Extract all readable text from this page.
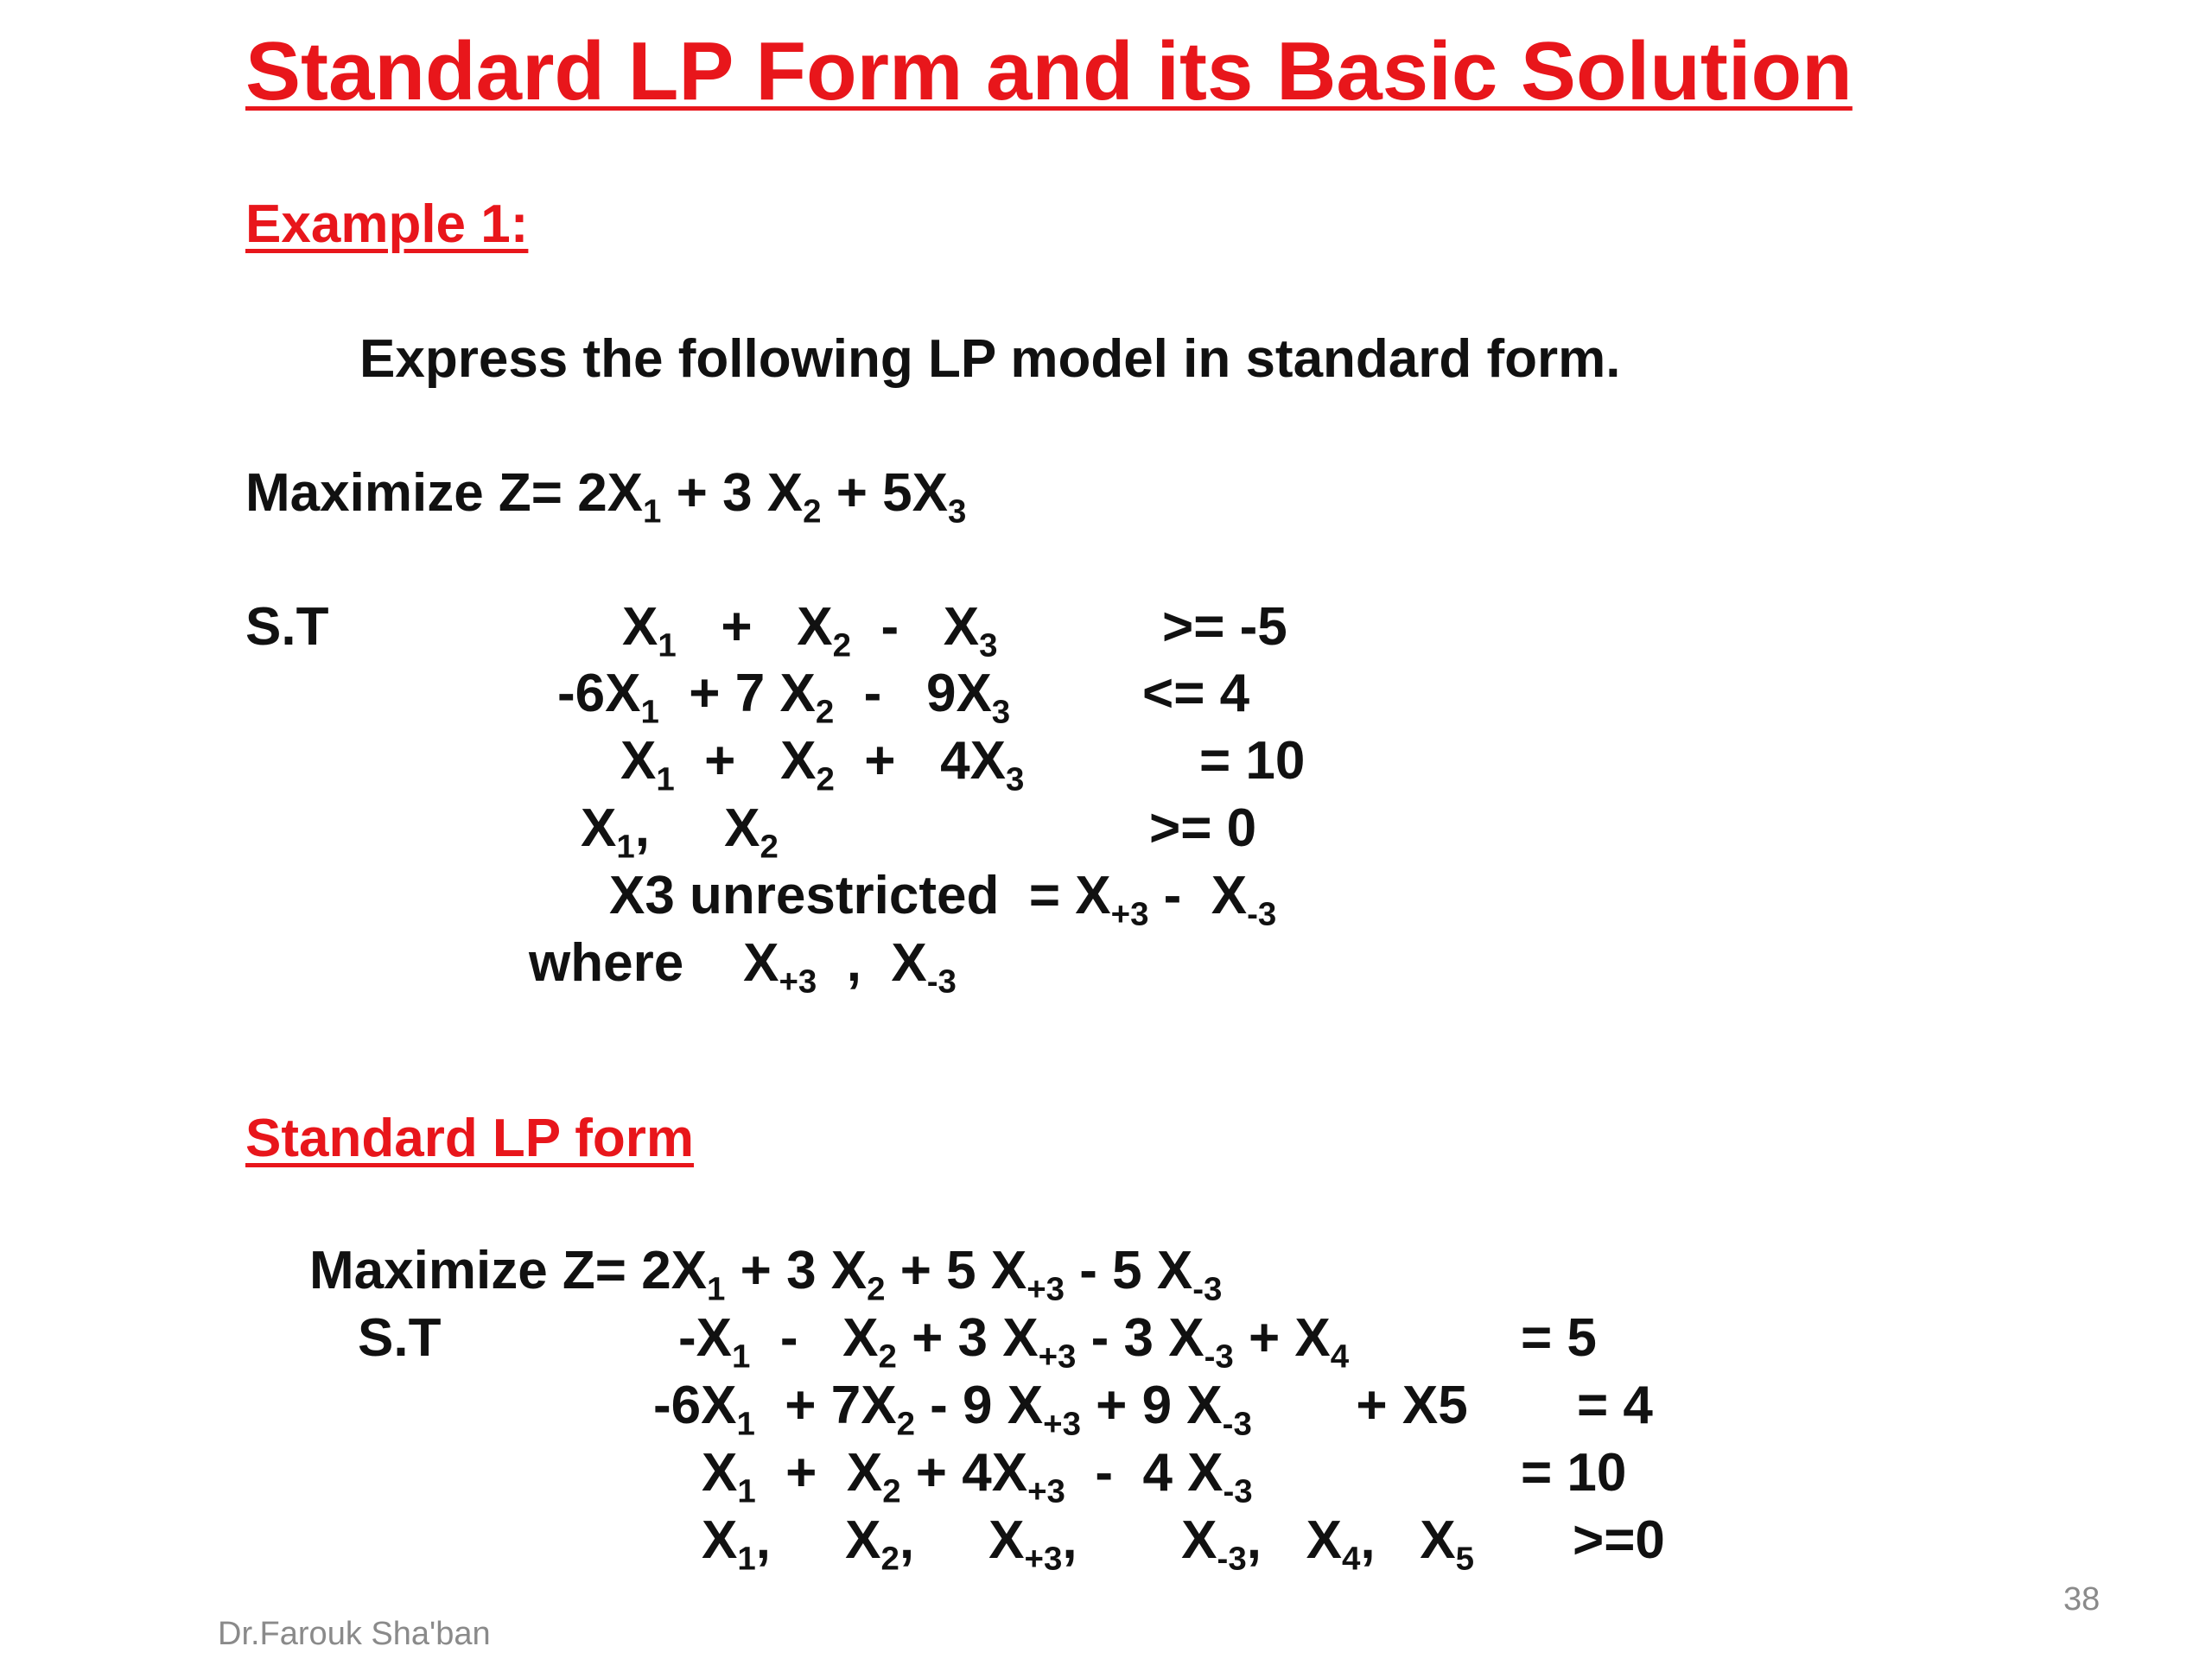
Standard LP Form and its Basic Solution
Example 1:
Express the following LP model in standard form.
Maximize $Z= 2X_1 + 3$ $X_2 + 5X_3$
S.T	$X_1 + X_2 - X_3$	>= -5
$-6X_1 + 7$ $X_2 - 9X_3 <= 4$
$X_1 + X_2 + 4X_3$	= 10
$X_1$,     $X_2$	>= 0
X3 unrestricted  = $X_{+3} - X_{-3}$
where    $X_{+3}$  ,  $X_{-3}$
Standard LP form
Maximize $Z= 2X_1 + 3$ $X_2 + 5$ $X_{+3} - 5$ $X_{-3}$
S.T	$-X_1 - X_2 + 3$ $X_{+3} - 3$ $X_{-3} + X_4$	= 5
$-6X_1 + 7X_2 - 9$ $X_{+3} + 9$ $X_{-3}$       + X5 = 4
$X_1 + X_2 + 4X_{+3} - 4$ $X_{-3}$	= 10
$X_1$,     $X_2$,     $X_{+3}$,       $X_{-3}$,   $X_4$,   $X_5 >=0$
Dr.Farouk Sha'ban
38
